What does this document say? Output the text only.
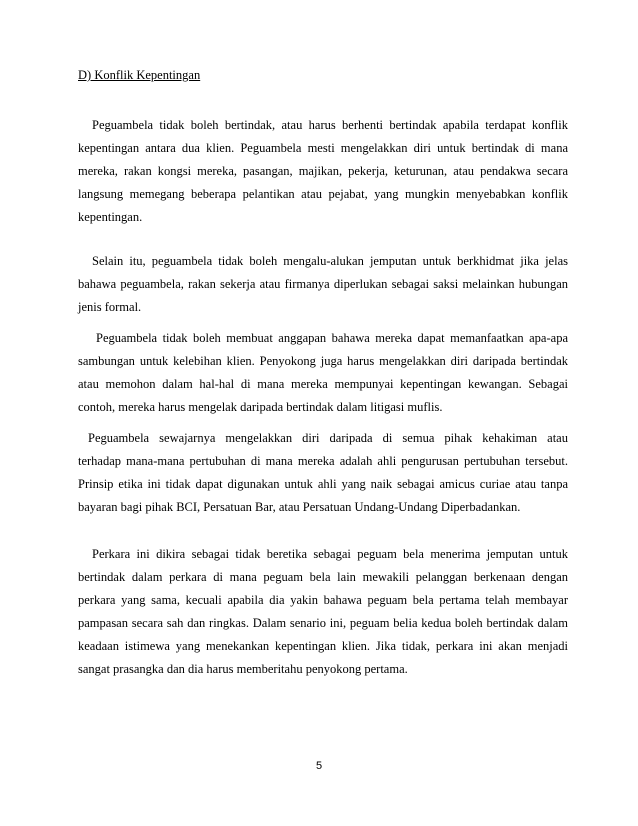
D) Konflik Kepentingan
Peguambela tidak boleh bertindak, atau harus berhenti bertindak apabila terdapat konflik
kepentingan antara dua klien. Peguambela mesti mengelakkan diri untuk bertindak di mana
mereka, rakan kongsi mereka, pasangan, majikan, pekerja, keturunan, atau pendakwa secara
langsung memegang beberapa pelantikan atau pejabat, yang mungkin menyebabkan konflik
kepentingan.
Selain itu, peguambela tidak boleh mengalu-alukan jemputan untuk berkhidmat jika jelas
bahawa peguambela, rakan sekerja atau firmanya diperlukan sebagai saksi melainkan hubungan
jenis formal.
Peguambela tidak boleh membuat anggapan bahawa mereka dapat memanfaatkan apa-apa
sambungan untuk kelebihan klien. Penyokong juga harus mengelakkan diri daripada bertindak
atau memohon dalam hal-hal di mana mereka mempunyai kepentingan kewangan. Sebagai
contoh, mereka harus mengelak daripada bertindak dalam litigasi muflis.
Peguambela sewajarnya mengelakkan diri daripada di semua pihak kehakiman atau
terhadap mana-mana pertubuhan di mana mereka adalah ahli pengurusan pertubuhan tersebut.
Prinsip etika ini tidak dapat digunakan untuk ahli yang naik sebagai amicus curiae atau tanpa
bayaran bagi pihak BCI, Persatuan Bar, atau Persatuan Undang-Undang Diperbadankan.
Perkara ini dikira sebagai tidak beretika sebagai peguam bela menerima jemputan untuk
bertindak dalam perkara di mana peguam bela lain mewakili pelanggan berkenaan dengan
perkara yang sama, kecuali apabila dia yakin bahawa peguam bela pertama telah membayar
pampasan secara sah dan ringkas. Dalam senario ini, peguam belia kedua boleh bertindak dalam
keadaan istimewa yang menekankan kepentingan klien. Jika tidak, perkara ini akan menjadi
sangat prasangka dan dia harus memberitahu penyokong pertama.
5
